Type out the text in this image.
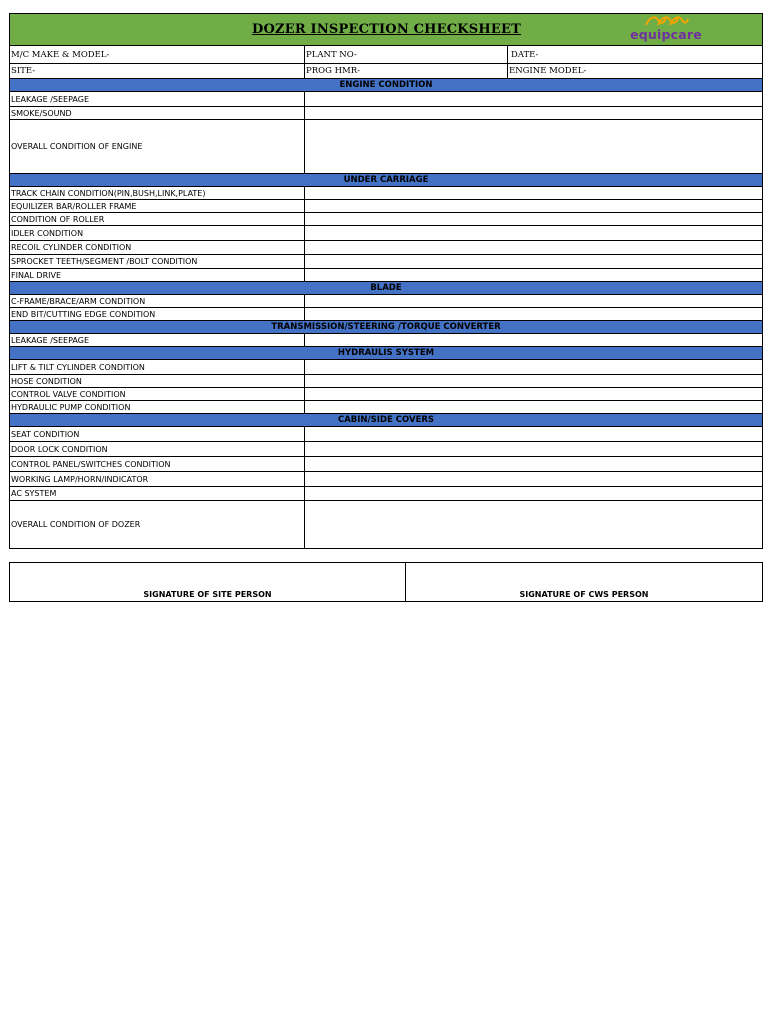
DOZER INSPECTION CHECKSHEET equipcare		

M/C MAKE & MODEL-	PLANT NO-	DATE-
SITE-	PROG HMR-	ENGINE MODEL-
ENGINE CONDITION		
LEAKAGE /SEEPAGE		
SMOKE/SOUND		
OVERALL CONDITION OF ENGINE		
UNDER CARRIAGE		
TRACK CHAIN CONDITION(PIN,BUSH,LINK,PLATE)		
EQUILIZER BAR/ROLLER FRAME		
CONDITION OF ROLLER		
IDLER CONDITION		
RECOIL CYLINDER CONDITION		
SPROCKET TEETH/SEGMENT /BOLT CONDITION		
FINAL DRIVE		
BLADE		
C-FRAME/BRACE/ARM CONDITION		
END BIT/CUTTING EDGE CONDITION		
TRANSMISSION/STEERING /TORQUE CONVERTER		
LEAKAGE /SEEPAGE		
HYDRAULIS SYSTEM		
LIFT & TILT CYLINDER CONDITION		
HOSE CONDITION		
CONTROL VALVE CONDITION		
HYDRAULIC PUMP CONDITION		
CABIN/SIDE COVERS		
SEAT CONDITION		
DOOR LOCK CONDITION		
CONTROL PANEL/SWITCHES CONDITION		
WORKING LAMP/HORN/INDICATOR		
AC SYSTEM		
OVERALL CONDITION OF DOZER		
SIGNATURE OF SITE PERSON	SIGNATURE OF CWS PERSON
